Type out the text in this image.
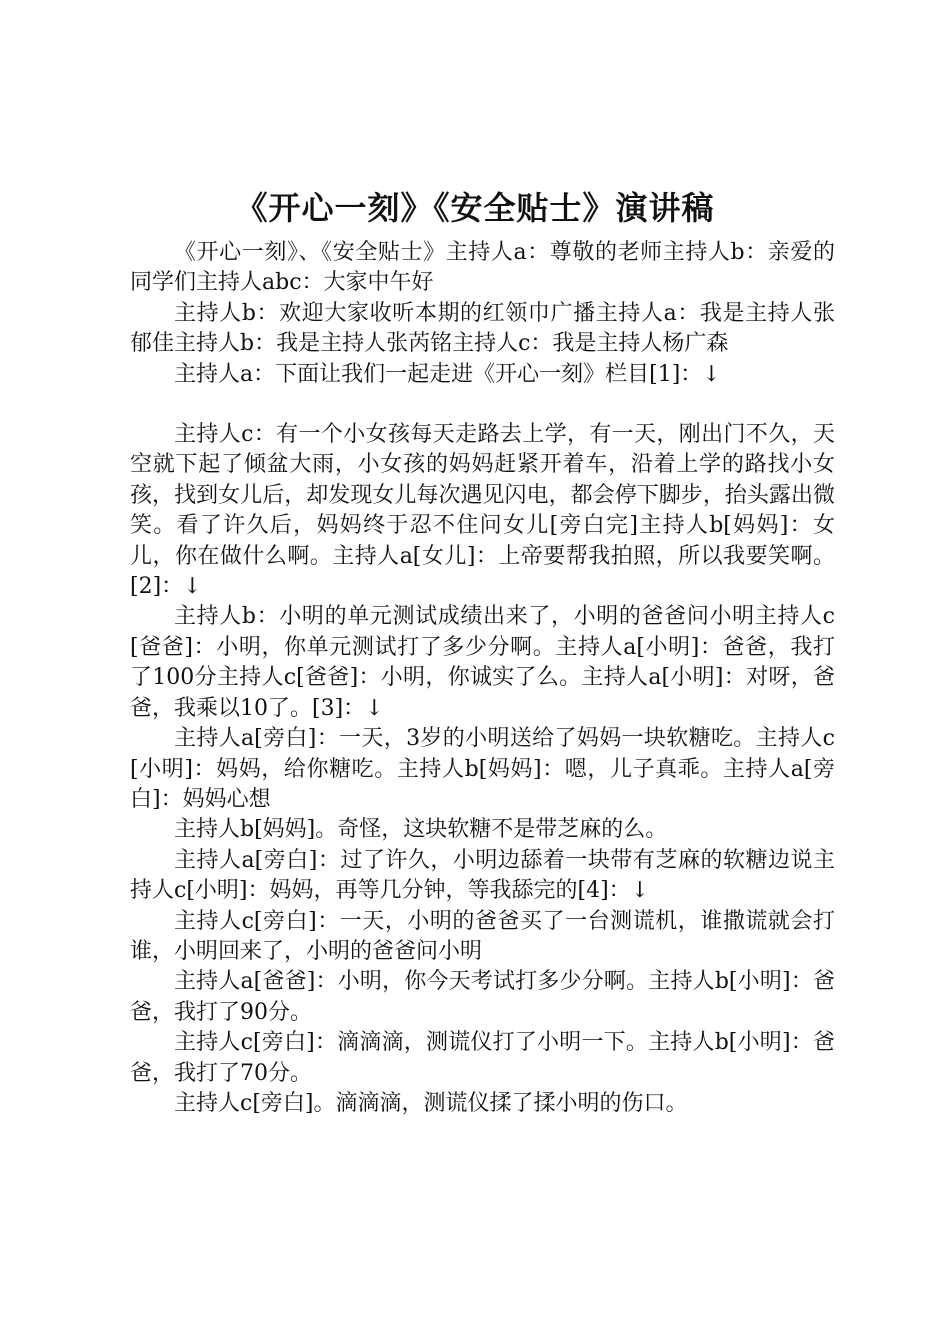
《开心一刻》《安全贴士》演讲稿

《开心一刻》、《安全贴士》主持人a：尊敬的老师主持人b：亲爱的同学们主持人abc：大家中午好

主持人b：欢迎大家收听本期的红领巾广播主持人a：我是主持人张郁佳主持人b：我是主持人张芮铭主持人c：我是主持人杨广森

主持人a：下面让我们一起走进《开心一刻》栏目[1]：↓

主持人c：有一个小女孩每天走路去上学，有一天，刚出门不久，天空就下起了倾盆大雨，小女孩的妈妈赶紧开着车，沿着上学的路找小女孩，找到女儿后，却发现女儿每次遇见闪电，都会停下脚步，抬头露出微笑。看了许久后，妈妈终于忍不住问女儿[旁白完]主持人b[妈妈]：女儿，你在做什么啊。主持人a[女儿]：上帝要帮我拍照，所以我要笑啊。[2]：↓

主持人b：小明的单元测试成绩出来了，小明的爸爸问小明主持人c[爸爸]：小明，你单元测试打了多少分啊。主持人a[小明]：爸爸，我打了100分主持人c[爸爸]：小明，你诚实了么。主持人a[小明]：对呀，爸爸，我乘以10了。[3]：↓

主持人a[旁白]：一天，3岁的小明送给了妈妈一块软糖吃。主持人c[小明]：妈妈，给你糖吃。主持人b[妈妈]：嗯，儿子真乖。主持人a[旁白]：妈妈心想

主持人b[妈妈]。奇怪，这块软糖不是带芝麻的么。

主持人a[旁白]：过了许久，小明边舔着一块带有芝麻的软糖边说主持人c[小明]：妈妈，再等几分钟，等我舔完的[4]：↓

主持人c[旁白]：一天，小明的爸爸买了一台测谎机，谁撒谎就会打谁，小明回来了，小明的爸爸问小明

主持人a[爸爸]：小明，你今天考试打多少分啊。主持人b[小明]：爸爸，我打了90分。

主持人c[旁白]：滴滴滴，测谎仪打了小明一下。主持人b[小明]：爸爸，我打了70分。

主持人c[旁白]。滴滴滴，测谎仪揉了揉小明的伤口。
